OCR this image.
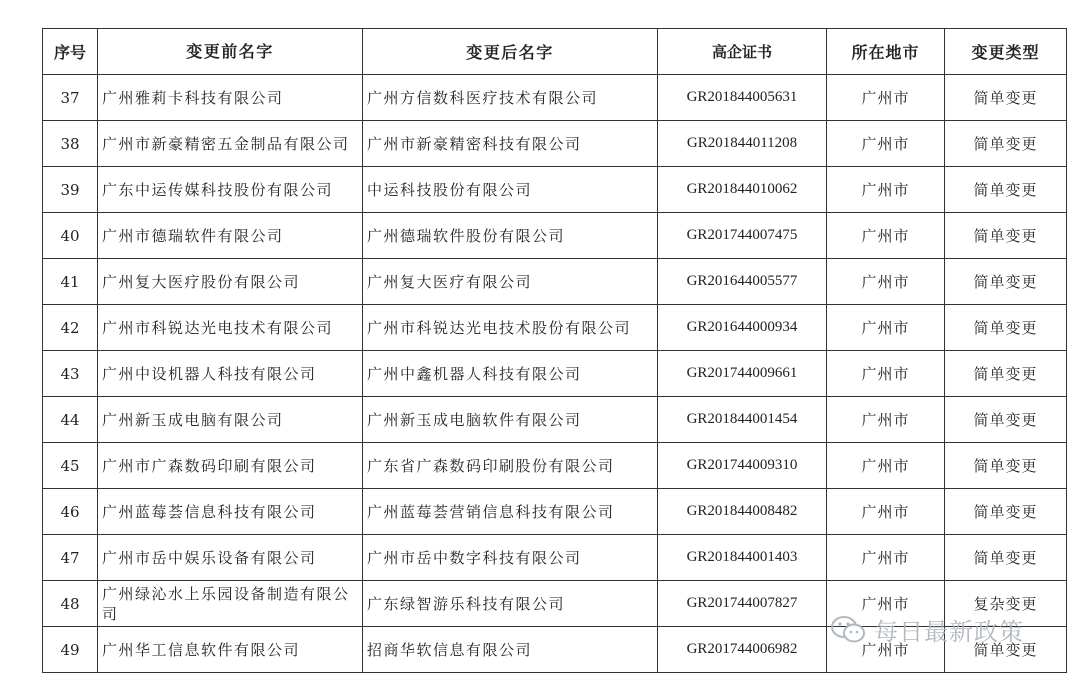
序号	变更前名字	变更后名字	高企证书	所在地市	变更类型
37	广州雅莉卡科技有限公司	广州方信数科医疗技术有限公司	GR201844005631	广州市	简单变更
38	广州市新豪精密五金制品有限公司	广州市新豪精密科技有限公司	GR201844011208	广州市	简单变更
39	广东中运传媒科技股份有限公司	中运科技股份有限公司	GR201844010062	广州市	简单变更
40	广州市德瑞软件有限公司	广州德瑞软件股份有限公司	GR201744007475	广州市	简单变更
41	广州复大医疗股份有限公司	广州复大医疗有限公司	GR201644005577	广州市	简单变更
42	广州市科锐达光电技术有限公司	广州市科锐达光电技术股份有限公司	GR201644000934	广州市	简单变更
43	广州中设机器人科技有限公司	广州中鑫机器人科技有限公司	GR201744009661	广州市	简单变更
44	广州新玉成电脑有限公司	广州新玉成电脑软件有限公司	GR201844001454	广州市	简单变更
45	广州市广森数码印刷有限公司	广东省广森数码印刷股份有限公司	GR201744009310	广州市	简单变更
46	广州蓝莓荟信息科技有限公司	广州蓝莓荟营销信息科技有限公司	GR201844008482	广州市	简单变更
47	广州市岳中娱乐设备有限公司	广州市岳中数字科技有限公司	GR201844001403	广州市	简单变更
48	广州绿沁水上乐园设备制造有限公司	广东绿智游乐科技有限公司	GR201744007827	广州市	复杂变更
49	广州华工信息软件有限公司	招商华软信息有限公司	GR201744006982	广州市	简单变更
每日最新政策
